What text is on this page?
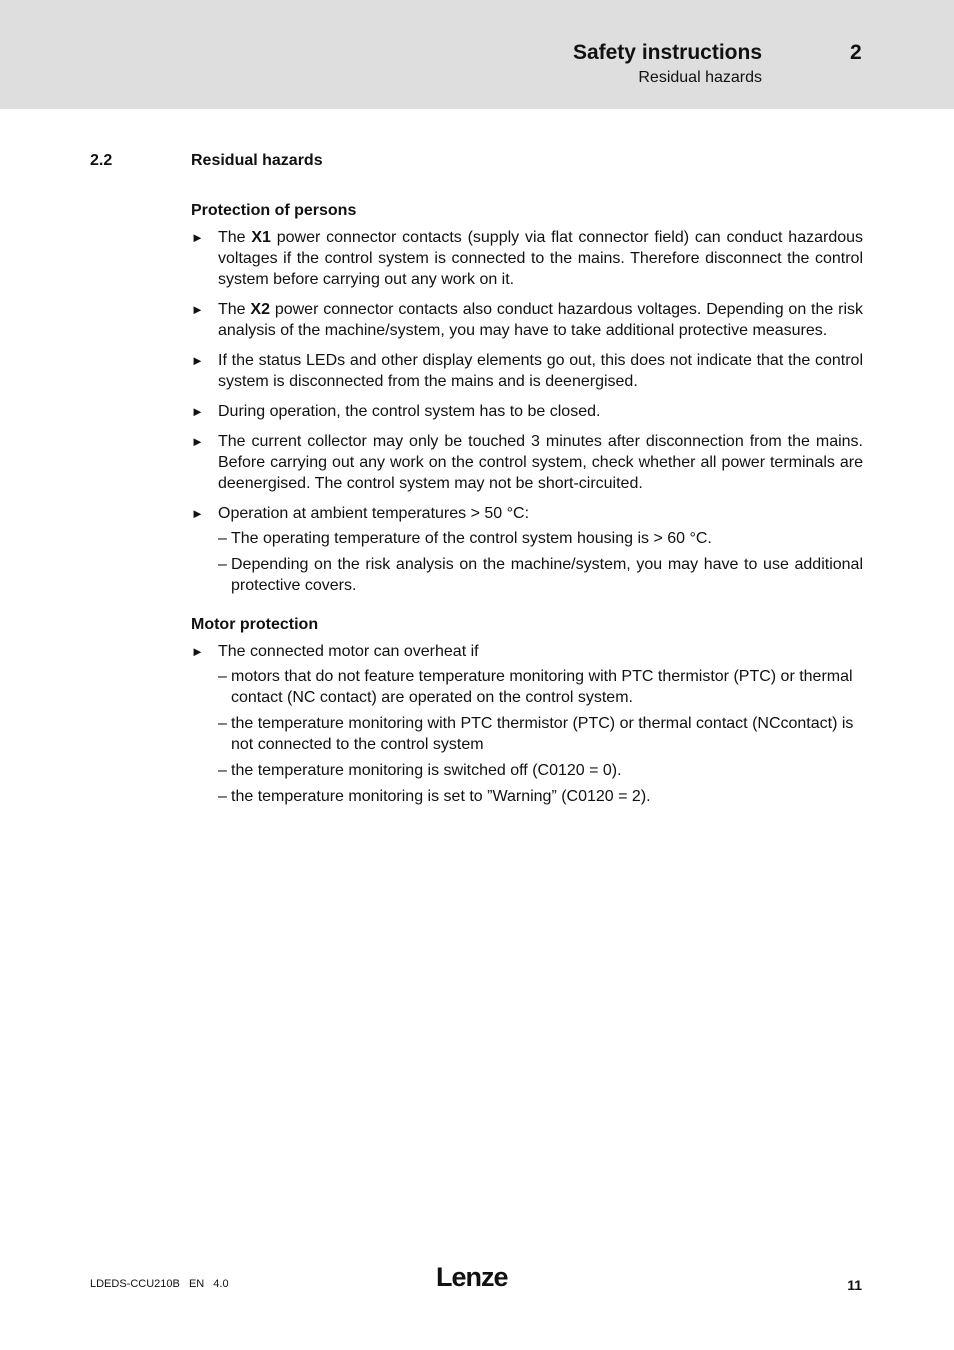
Safety instructions	2
Residual hazards
2.2	Residual hazards
Protection of persons
► The X1 power connector contacts (supply via flat connector field) can conduct hazardous voltages if the control system is connected to the mains. Therefore disconnect the control system before carrying out any work on it.
► The X2 power connector contacts also conduct hazardous voltages. Depending on the risk analysis of the machine/system, you may have to take additional protective measures.
► If the status LEDs and other display elements go out, this does not indicate that the control system is disconnected from the mains and is deenergised.
► During operation, the control system has to be closed.
► The current collector may only be touched 3 minutes after disconnection from the mains. Before carrying out any work on the control system, check whether all power terminals are deenergised. The control system may not be short-circuited.
► Operation at ambient temperatures > 50 °C:
– The operating temperature of the control system housing is > 60 °C.
– Depending on the risk analysis on the machine/system, you may have to use additional protective covers.
Motor protection
► The connected motor can overheat if
– motors that do not feature temperature monitoring with PTC thermistor (PTC) or thermal contact (NC contact) are operated on the control system.
– the temperature monitoring with PTC thermistor (PTC) or thermal contact (NCcontact) is not connected to the control system
– the temperature monitoring is switched off (C0120 = 0).
– the temperature monitoring is set to ”Warning” (C0120 = 2).
LDEDS-CCU210B EN 4.0	Lenze	11
